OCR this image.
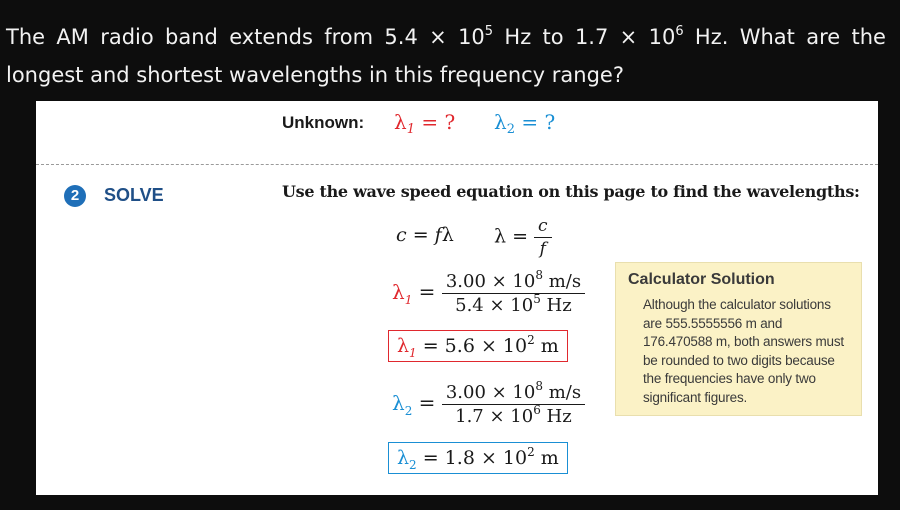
The AM radio band extends from $5.4 \times 10^5$ Hz to $1.7 \times 10^6$ Hz. What are the longest and shortest wavelengths in this frequency range?
Unknown: $\lambda_1$ = ? $\lambda_2$ = ?
2	SOLVE	Use the wave speed equation on this page to find the wavelengths:
c = fλ $\lambda = \frac{c}{f}$
$\lambda_1 = \frac{3.00 \times 10^8 m/s}{5.4 \times 10^5 Hz}$
$\lambda_1 = 5.6 \times 10^2$ m
$\lambda_2 = \frac{3.00 \times 10^8 m/s}{1.7 \times 10^6 Hz}$
$\lambda_2 = 1.8 \times 10^2$ m
Calculator Solution
Although the calculator solutions are 555.5555556 m and 176.470588 m, both answers must be rounded to two digits because the frequencies have only two significant figures.
